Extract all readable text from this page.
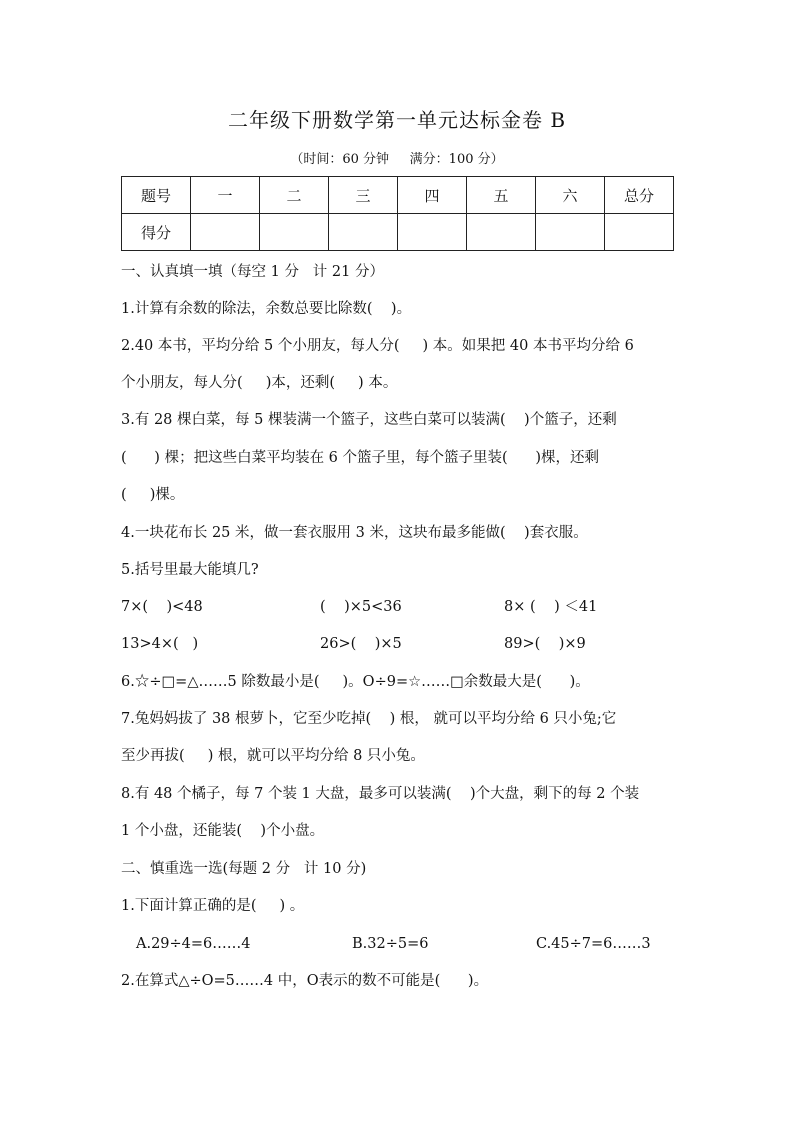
二年级下册数学第一单元达标金卷 B
（时间：60 分钟     满分：100 分）
题号	一	二	三	四	五	六	总分
得分							
一、认真填一填（每空 1 分   计 21 分）
1.计算有余数的除法，余数总要比除数(    )。
2.40 本书，平均分给 5 个小朋友，每人分(     ) 本。如果把 40 本书平均分给 6
个小朋友，每人分(     )本，还剩(     ) 本。
3.有 28 棵白菜，每 5 棵装满一个篮子，这些白菜可以装满(    )个篮子，还剩
(      ) 棵；把这些白菜平均装在 6 个篮子里，每个篮子里装(      )棵，还剩
(     )棵。
4.一块花布长 25 米，做一套衣服用 3 米，这块布最多能做(    )套衣服。
5.括号里最大能填几?
7×(    )<48	(    )×5<36	8× (    ) ＜41
13>4×(   )	26>(    )×5	89>(    )×9
6.☆÷□=△……5 除数最小是(     )。O÷9=☆……□余数最大是(      )。
7.兔妈妈拔了 38 根萝卜，它至少吃掉(    ) 根， 就可以平均分给 6 只小兔;它
至少再拔(     ) 根，就可以平均分给 8 只小兔。
8.有 48 个橘子，每 7 个装 1 大盘，最多可以装满(    )个大盘，剩下的每 2 个装
1 个小盘，还能装(    )个小盘。
二、慎重选一选(每题 2 分   计 10 分)
1.下面计算正确的是(     ) 。
A.29÷4=6……4	B.32÷5=6	C.45÷7=6……3
2.在算式△÷O=5……4 中，O表示的数不可能是(      )。
